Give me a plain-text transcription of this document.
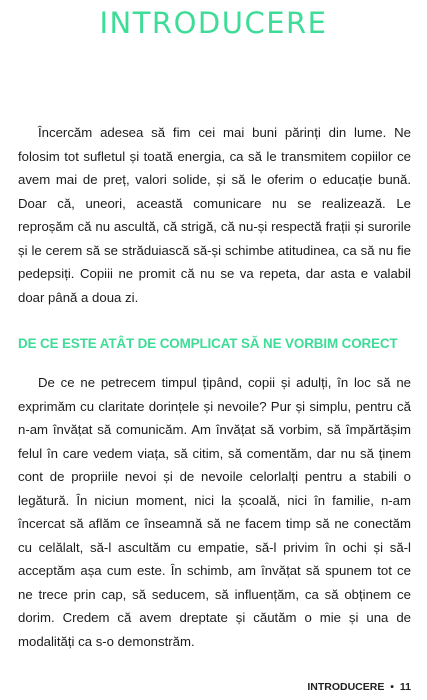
INTRODUCERE

Încercăm adesea să fim cei mai buni părinți din lume. Ne folosim tot sufletul și toată energia, ca să le transmitem copiilor ce avem mai de preț, valori solide, și să le oferim o educație bună. Doar că, uneori, această comunicare nu se realizează. Le reproșăm că nu ascultă, că strigă, că nu-și respectă frații și surorile și le cerem să se străduiască să-și schimbe atitudinea, ca să nu fie pedepsiți. Copiii ne promit că nu se va repeta, dar asta e valabil doar până a doua zi.

DE CE ESTE ATÂT DE COMPLICAT SĂ NE VORBIM CORECT

De ce ne petrecem timpul țipând, copii și adulți, în loc să ne exprimăm cu claritate dorințele și nevoile? Pur și simplu, pentru că n-am învățat să comunicăm. Am învățat să vorbim, să împărtășim felul în care vedem viața, să citim, să comentăm, dar nu să ținem cont de propriile nevoi și de nevoile celorlalți pentru a stabili o legătură. În niciun moment, nici la școală, nici în familie, n-am încercat să aflăm ce înseamnă să ne facem timp să ne conectăm cu celălalt, să-l ascultăm cu empatie, să-l privim în ochi și să-l acceptăm așa cum este. În schimb, am învățat să spunem tot ce ne trece prin cap, să seducem, să influențăm, ca să obținem ce dorim. Credem că avem dreptate și căutăm o mie și una de modalități ca s-o demonstrăm.

INTRODUCERE • 11
